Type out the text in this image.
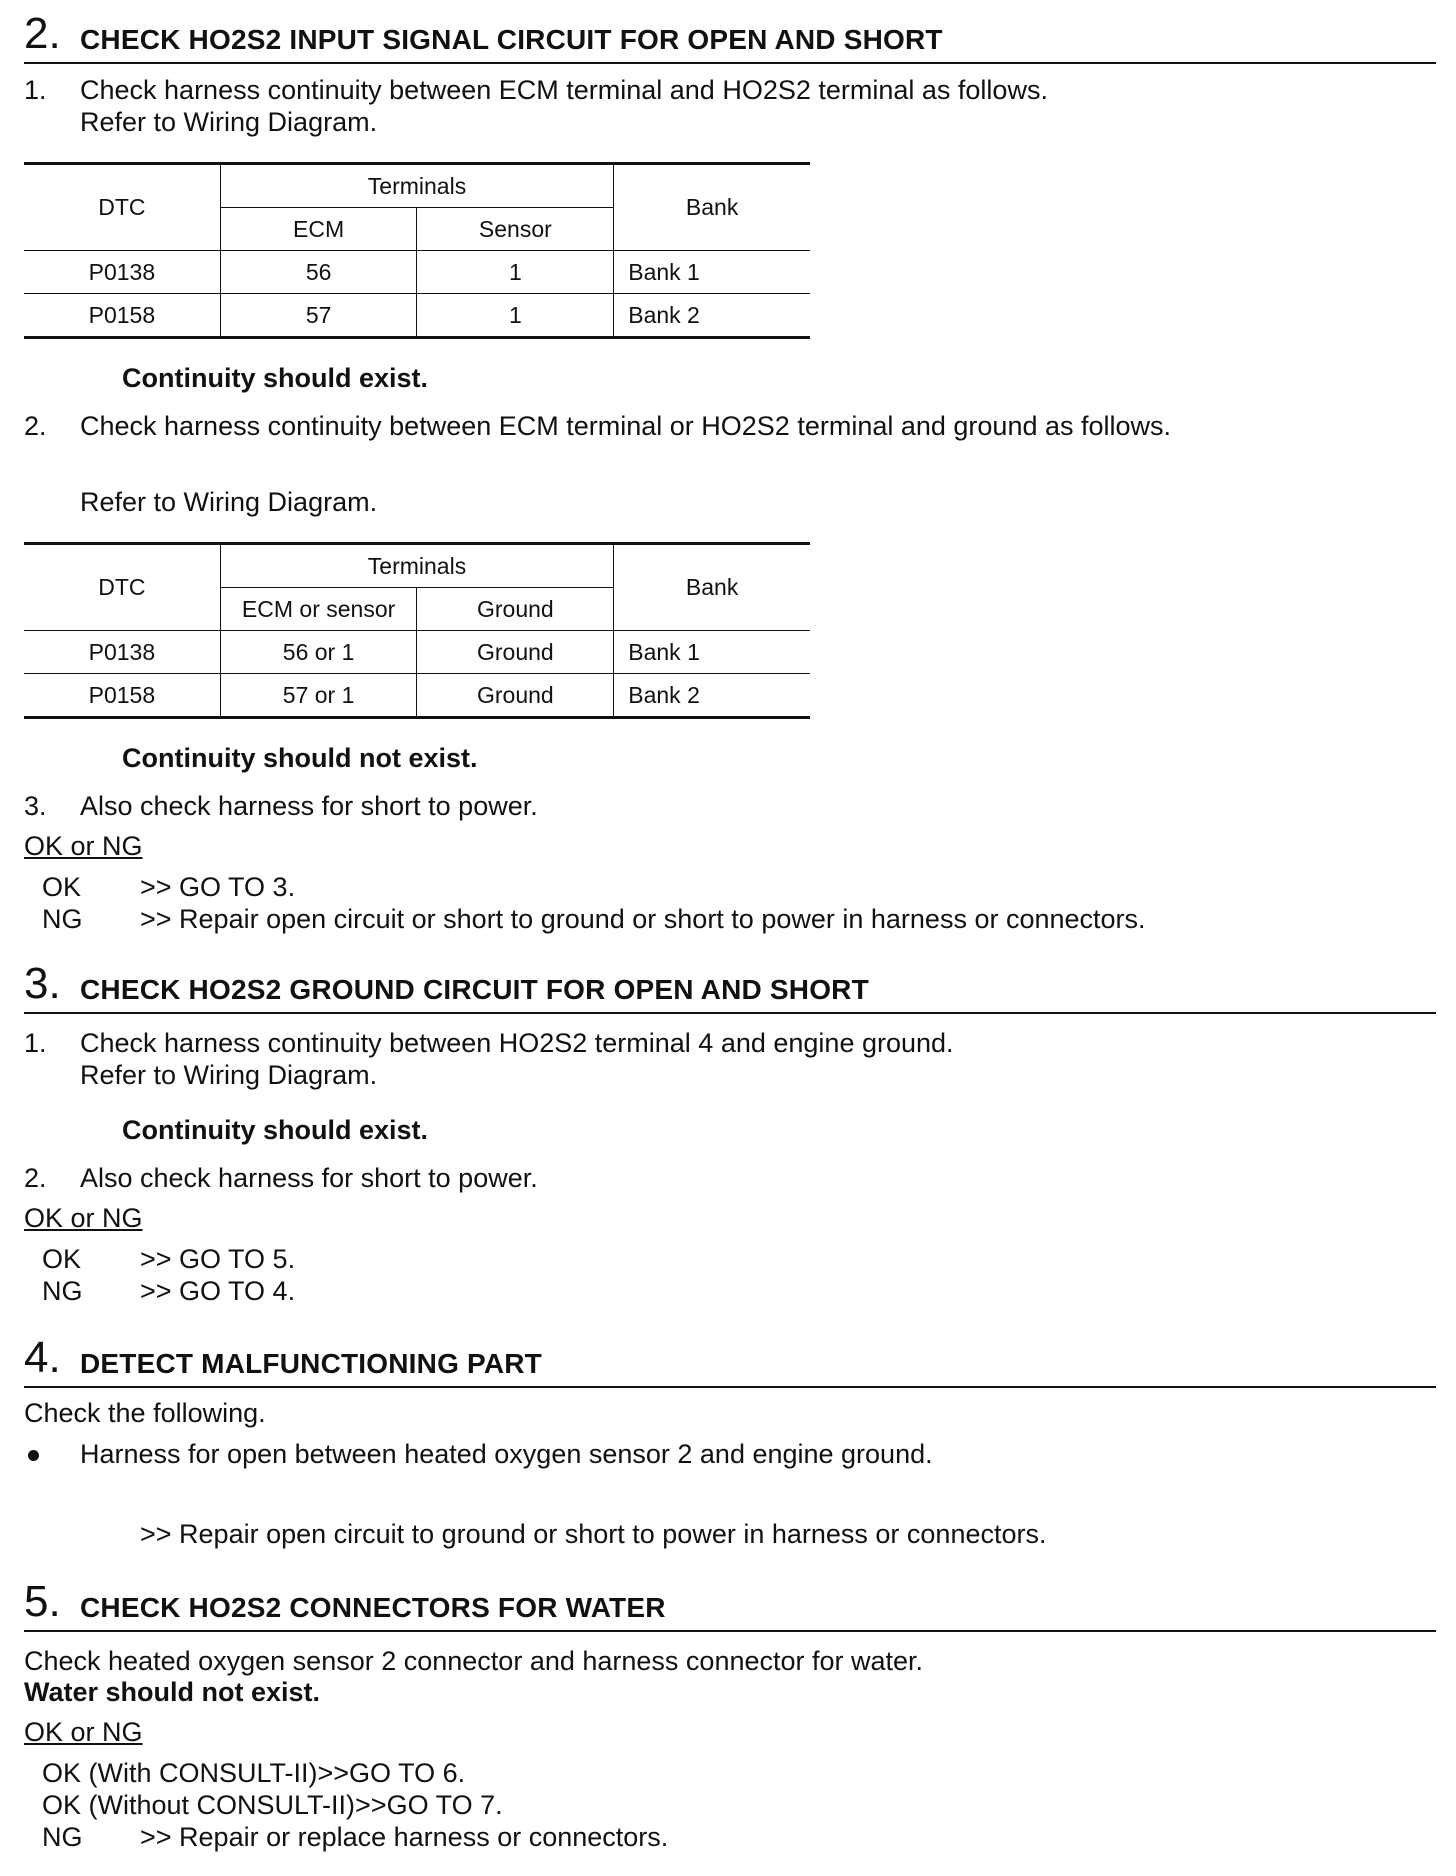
2. CHECK HO2S2 INPUT SIGNAL CIRCUIT FOR OPEN AND SHORT
1. Check harness continuity between ECM terminal and HO2S2 terminal as follows.
Refer to Wiring Diagram.
DTC	Terminals		Bank
	ECM	Sensor	
P0138	56	1	Bank 1
P0158	57	1	Bank 2
Continuity should exist.
2. Check harness continuity between ECM terminal or HO2S2 terminal and ground as follows.
Refer to Wiring Diagram.
DTC	Terminals		Bank
	ECM or sensor	Ground	
P0138	56 or 1	Ground	Bank 1
P0158	57 or 1	Ground	Bank 2
Continuity should not exist.
3. Also check harness for short to power.
OK or NG
OK >> GO TO 3.
NG >> Repair open circuit or short to ground or short to power in harness or connectors.
3. CHECK HO2S2 GROUND CIRCUIT FOR OPEN AND SHORT
1. Check harness continuity between HO2S2 terminal 4 and engine ground.
Refer to Wiring Diagram.
Continuity should exist.
2. Also check harness for short to power.
OK or NG
OK >> GO TO 5.
NG >> GO TO 4.
4. DETECT MALFUNCTIONING PART
Check the following.
Harness for open between heated oxygen sensor 2 and engine ground.
>> Repair open circuit to ground or short to power in harness or connectors.
5. CHECK HO2S2 CONNECTORS FOR WATER
Check heated oxygen sensor 2 connector and harness connector for water.
Water should not exist.
OK or NG
OK (With CONSULT-II)>>GO TO 6.
OK (Without CONSULT-II)>>GO TO 7.
NG >> Repair or replace harness or connectors.
